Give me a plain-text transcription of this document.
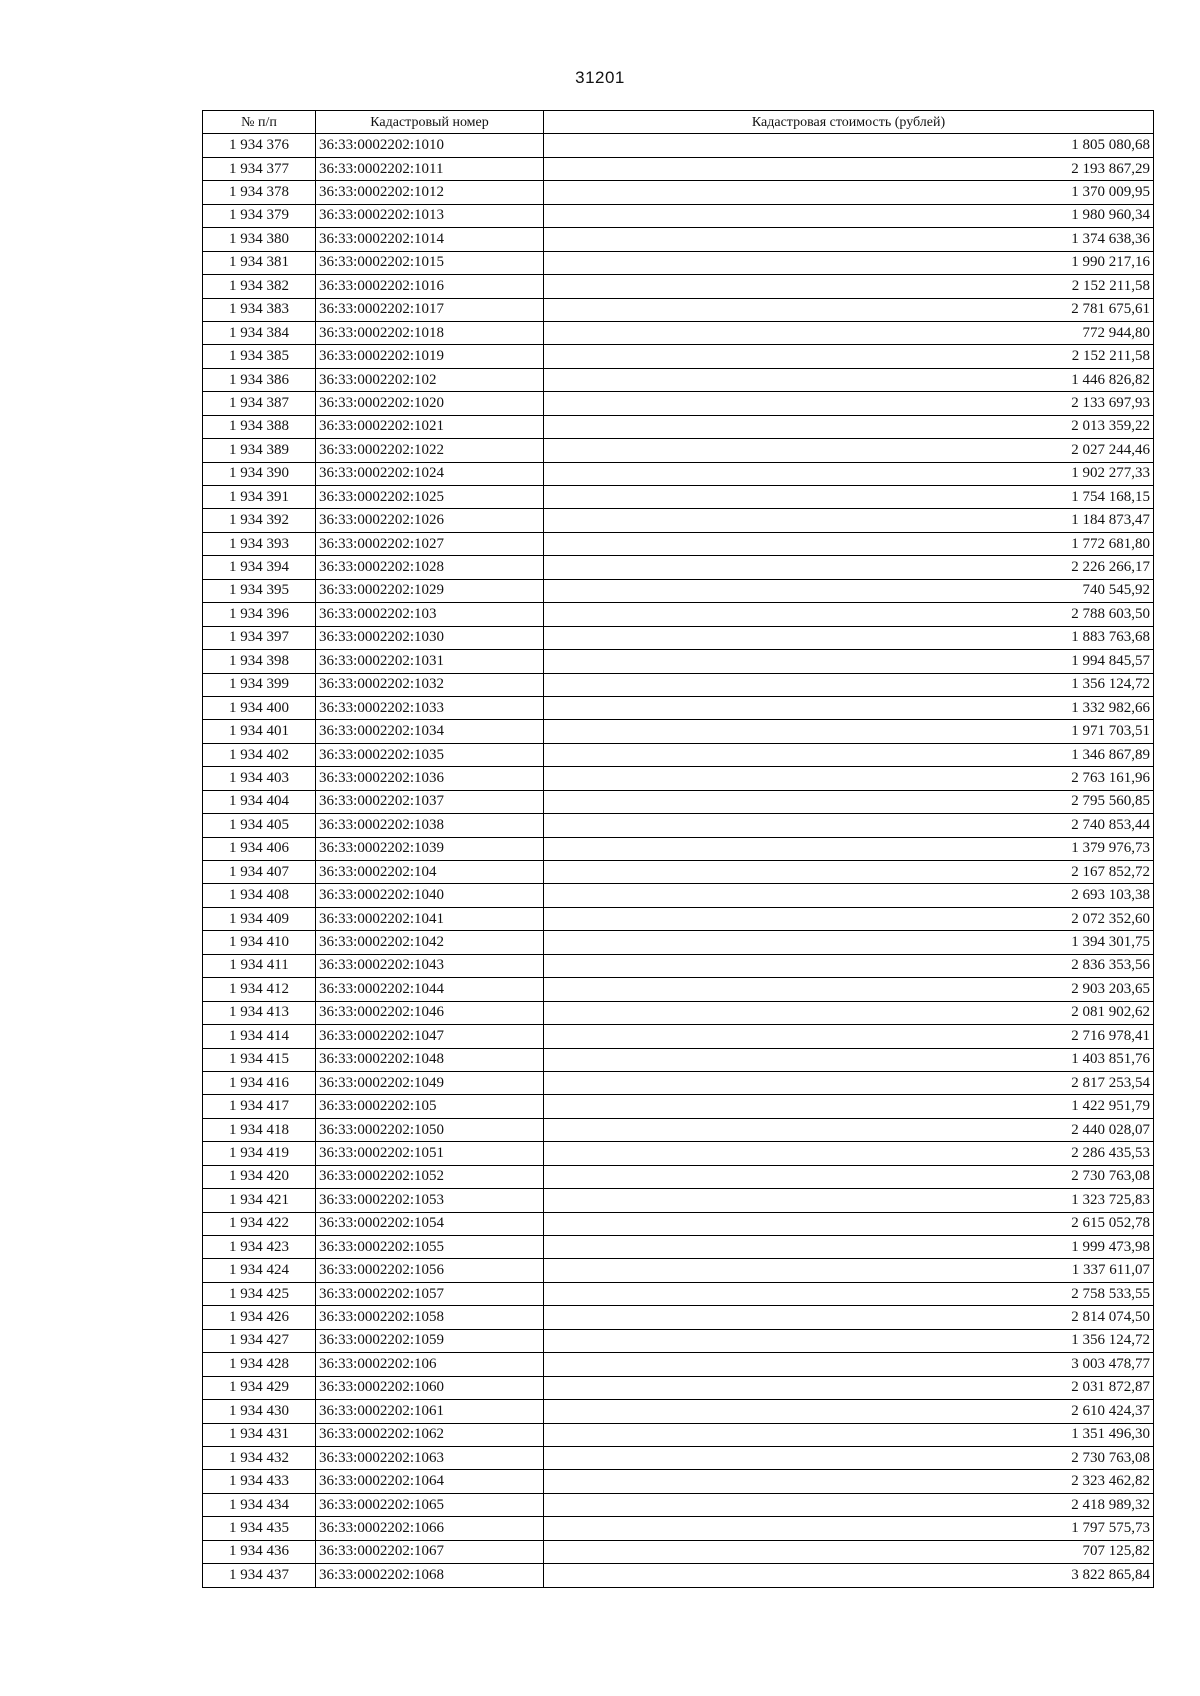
31201
№ п/п	Кадастровый номер	Кадастровая стоимость (рублей)
1 934 376	36:33:0002202:1010	1 805 080,68
1 934 377	36:33:0002202:1011	2 193 867,29
1 934 378	36:33:0002202:1012	1 370 009,95
1 934 379	36:33:0002202:1013	1 980 960,34
1 934 380	36:33:0002202:1014	1 374 638,36
1 934 381	36:33:0002202:1015	1 990 217,16
1 934 382	36:33:0002202:1016	2 152 211,58
1 934 383	36:33:0002202:1017	2 781 675,61
1 934 384	36:33:0002202:1018	772 944,80
1 934 385	36:33:0002202:1019	2 152 211,58
1 934 386	36:33:0002202:102	1 446 826,82
1 934 387	36:33:0002202:1020	2 133 697,93
1 934 388	36:33:0002202:1021	2 013 359,22
1 934 389	36:33:0002202:1022	2 027 244,46
1 934 390	36:33:0002202:1024	1 902 277,33
1 934 391	36:33:0002202:1025	1 754 168,15
1 934 392	36:33:0002202:1026	1 184 873,47
1 934 393	36:33:0002202:1027	1 772 681,80
1 934 394	36:33:0002202:1028	2 226 266,17
1 934 395	36:33:0002202:1029	740 545,92
1 934 396	36:33:0002202:103	2 788 603,50
1 934 397	36:33:0002202:1030	1 883 763,68
1 934 398	36:33:0002202:1031	1 994 845,57
1 934 399	36:33:0002202:1032	1 356 124,72
1 934 400	36:33:0002202:1033	1 332 982,66
1 934 401	36:33:0002202:1034	1 971 703,51
1 934 402	36:33:0002202:1035	1 346 867,89
1 934 403	36:33:0002202:1036	2 763 161,96
1 934 404	36:33:0002202:1037	2 795 560,85
1 934 405	36:33:0002202:1038	2 740 853,44
1 934 406	36:33:0002202:1039	1 379 976,73
1 934 407	36:33:0002202:104	2 167 852,72
1 934 408	36:33:0002202:1040	2 693 103,38
1 934 409	36:33:0002202:1041	2 072 352,60
1 934 410	36:33:0002202:1042	1 394 301,75
1 934 411	36:33:0002202:1043	2 836 353,56
1 934 412	36:33:0002202:1044	2 903 203,65
1 934 413	36:33:0002202:1046	2 081 902,62
1 934 414	36:33:0002202:1047	2 716 978,41
1 934 415	36:33:0002202:1048	1 403 851,76
1 934 416	36:33:0002202:1049	2 817 253,54
1 934 417	36:33:0002202:105	1 422 951,79
1 934 418	36:33:0002202:1050	2 440 028,07
1 934 419	36:33:0002202:1051	2 286 435,53
1 934 420	36:33:0002202:1052	2 730 763,08
1 934 421	36:33:0002202:1053	1 323 725,83
1 934 422	36:33:0002202:1054	2 615 052,78
1 934 423	36:33:0002202:1055	1 999 473,98
1 934 424	36:33:0002202:1056	1 337 611,07
1 934 425	36:33:0002202:1057	2 758 533,55
1 934 426	36:33:0002202:1058	2 814 074,50
1 934 427	36:33:0002202:1059	1 356 124,72
1 934 428	36:33:0002202:106	3 003 478,77
1 934 429	36:33:0002202:1060	2 031 872,87
1 934 430	36:33:0002202:1061	2 610 424,37
1 934 431	36:33:0002202:1062	1 351 496,30
1 934 432	36:33:0002202:1063	2 730 763,08
1 934 433	36:33:0002202:1064	2 323 462,82
1 934 434	36:33:0002202:1065	2 418 989,32
1 934 435	36:33:0002202:1066	1 797 575,73
1 934 436	36:33:0002202:1067	707 125,82
1 934 437	36:33:0002202:1068	3 822 865,84
